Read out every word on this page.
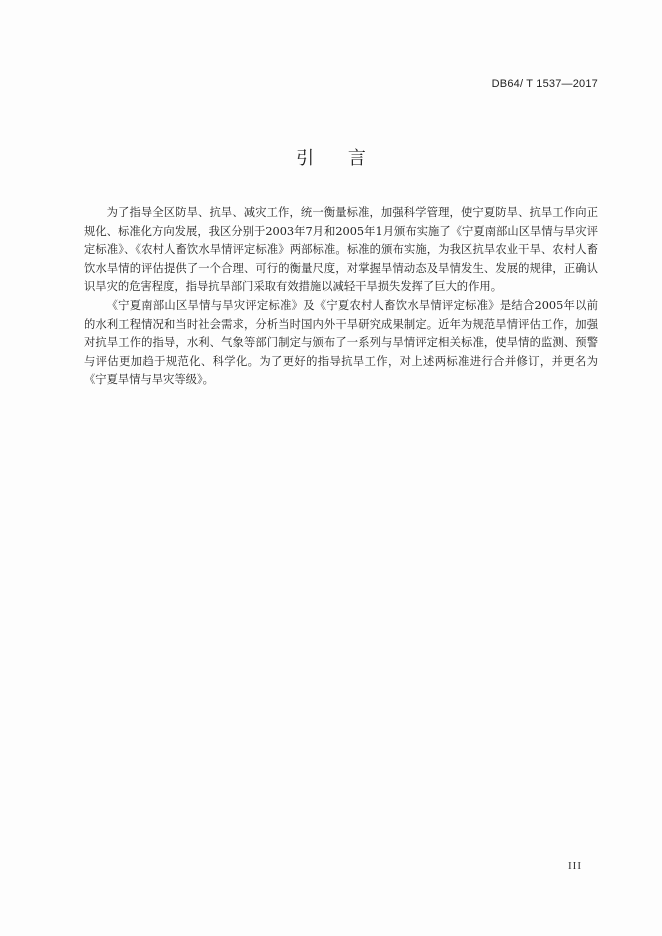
DB64/ T 1537—2017
引 言

为了指导全区防旱、抗旱、减灾工作，统一衡量标准，加强科学管理，使宁夏防旱、抗旱工作向正规化、标准化方向发展，我区分别于2003年7月和2005年1月颁布实施了《宁夏南部山区旱情与旱灾评定标准》、《农村人畜饮水旱情评定标准》两部标准。标准的颁布实施，为我区抗旱农业干旱、农村人畜饮水旱情的评估提供了一个合理、可行的衡量尺度，对掌握旱情动态及旱情发生、发展的规律，正确认识旱灾的危害程度，指导抗旱部门采取有效措施以减轻干旱损失发挥了巨大的作用。

《宁夏南部山区旱情与旱灾评定标准》及《宁夏农村人畜饮水旱情评定标准》是结合2005年以前的水利工程情况和当时社会需求，分析当时国内外干旱研究成果制定。近年为规范旱情评估工作，加强对抗旱工作的指导，水利、气象等部门制定与颁布了一系列与旱情评定相关标准，使旱情的监测、预警与评估更加趋于规范化、科学化。为了更好的指导抗旱工作，对上述两标准进行合并修订，并更名为《宁夏旱情与旱灾等级》。

III
